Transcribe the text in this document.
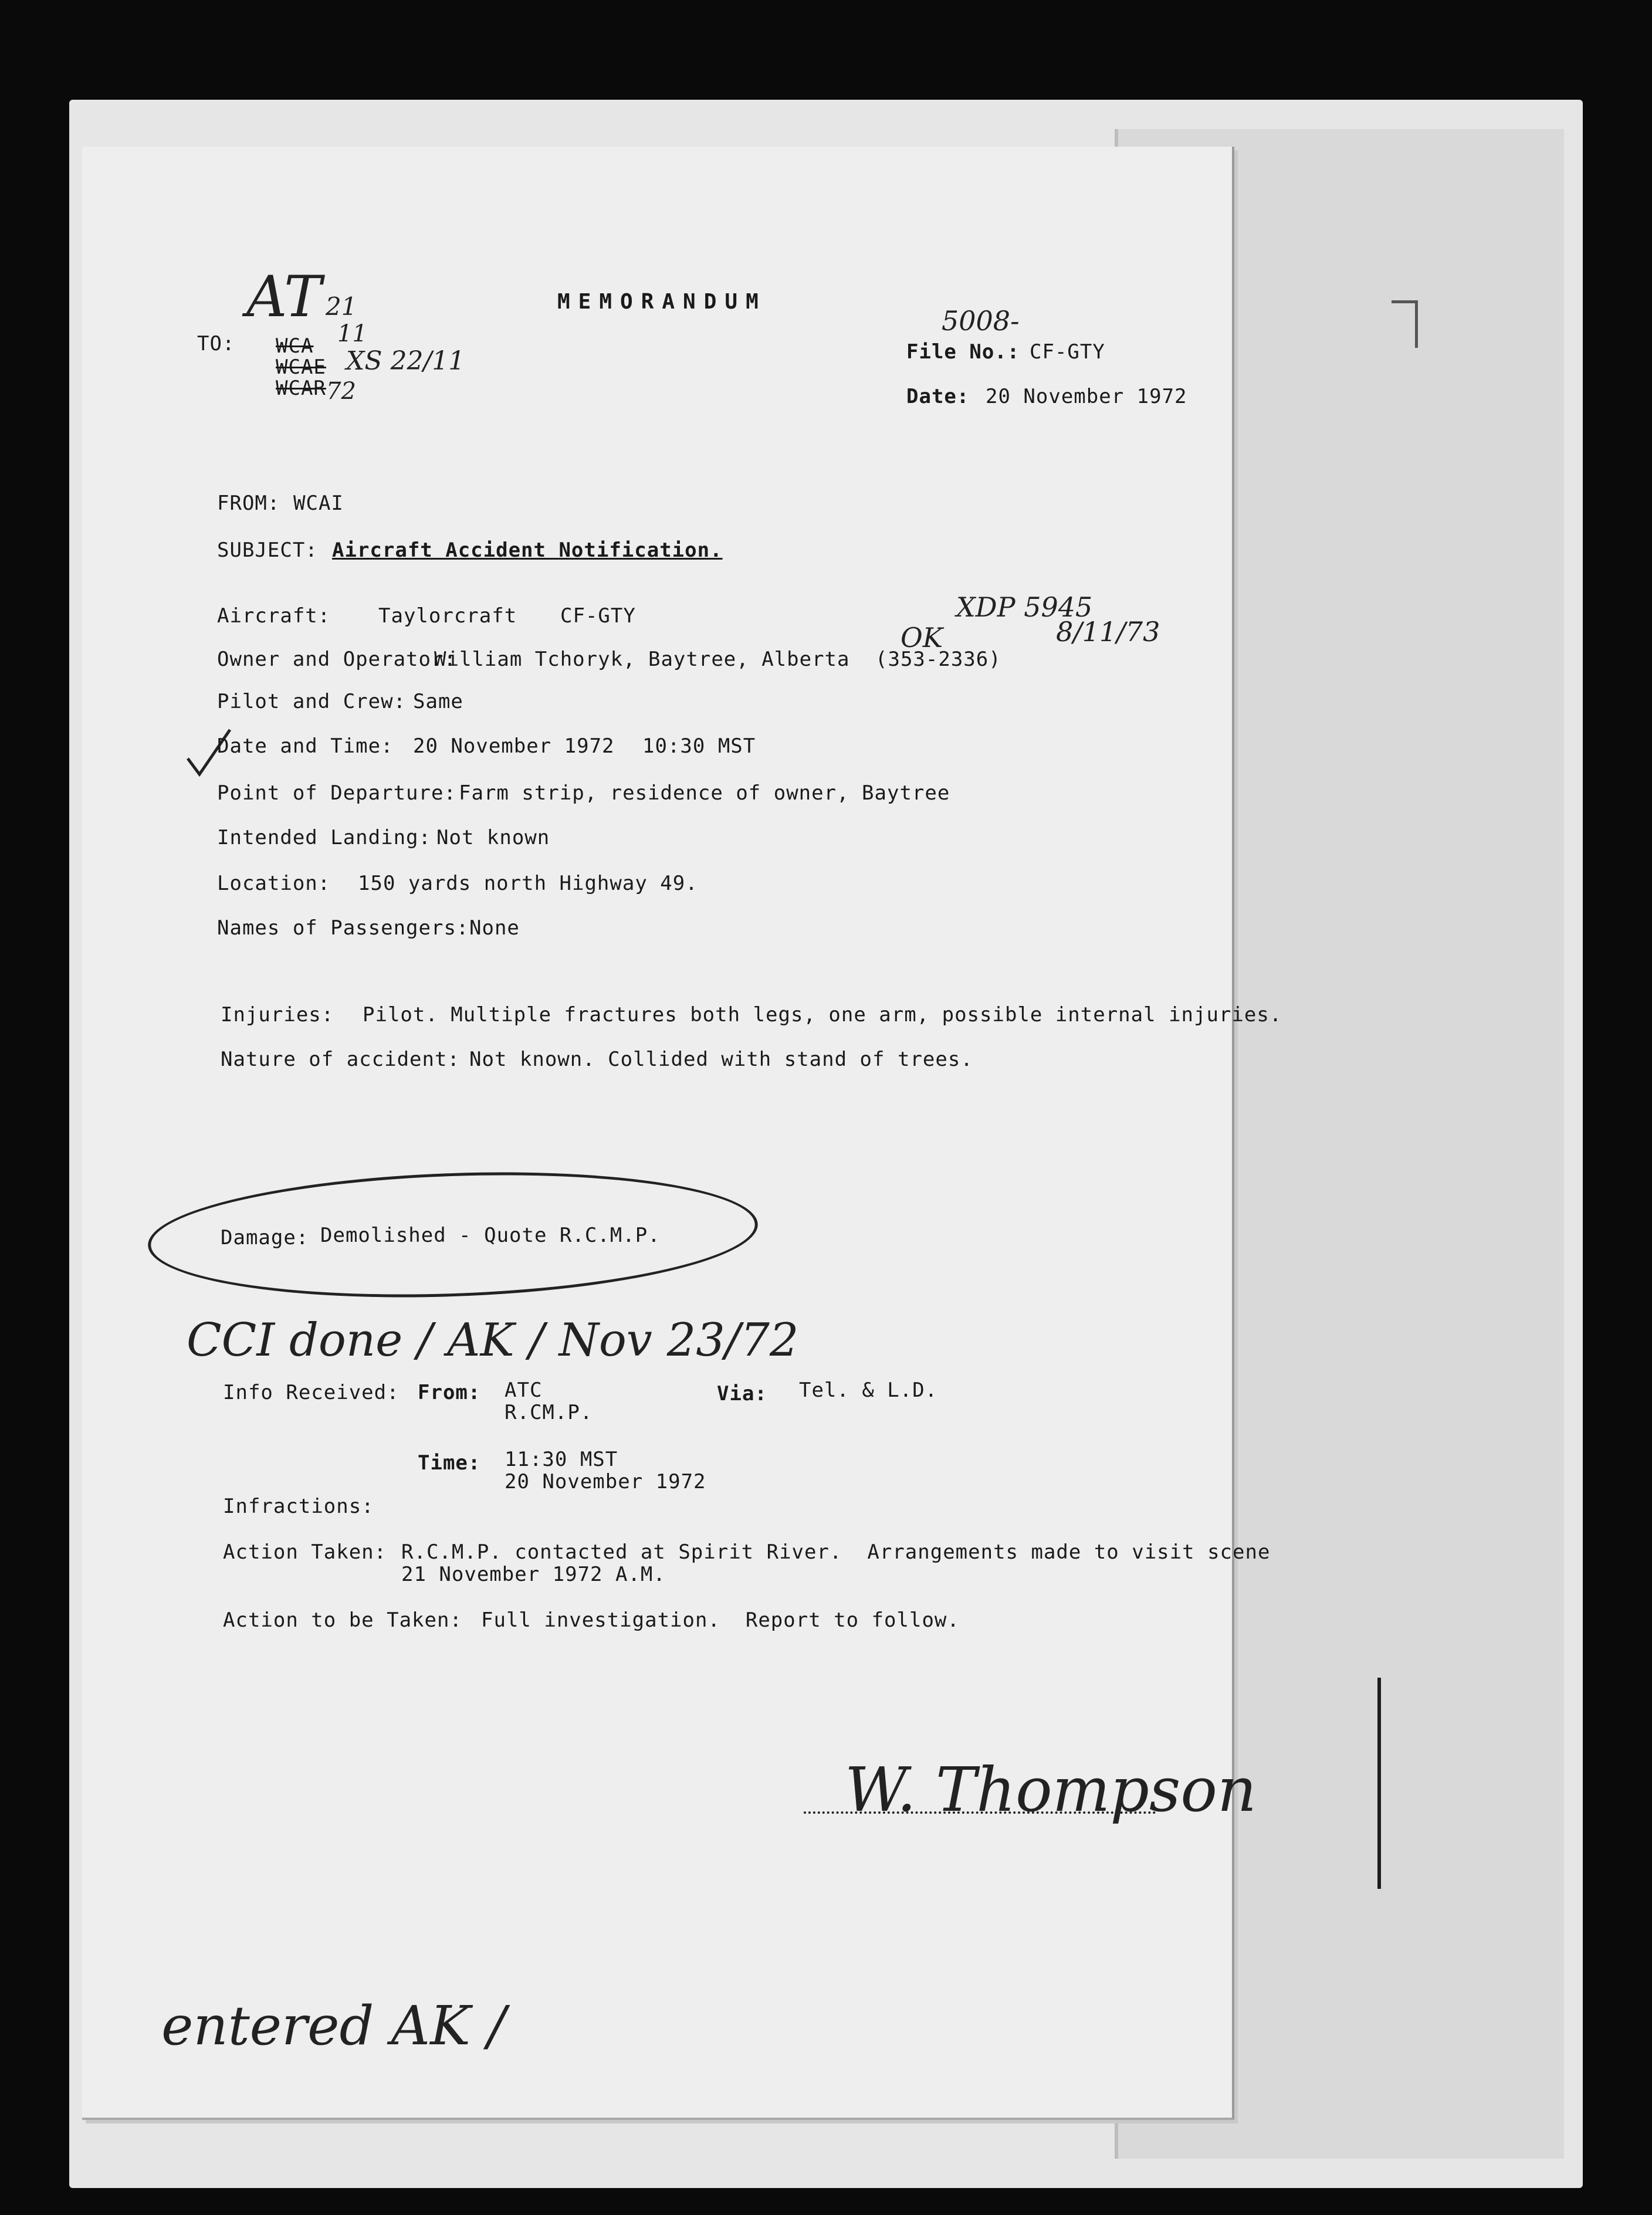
MEMORANDUM
AT 21
11
TO: WCA
WCAE
WCAR
XS 22/11
72
5008-
File No.: CF-GTY
Date: 20 November 1972
FROM: WCAI
SUBJECT: Aircraft Accident Notification.
Aircraft: Taylorcraft CF-GTY
OK
XDP 5945
8/11/73
Owner and Operator:
William Tchoryk, Baytree, Alberta (353-2336)
Pilot and Crew: Same
Date and Time: 20 November 1972 10:30 MST
Point of Departure: Farm strip, residence of owner, Baytree
Intended Landing: Not known
Location: 150 yards north Highway 49.
Names of Passengers: None
Injuries: Pilot. Multiple fractures both legs, one arm, possible internal injuries.
Nature of accident: Not known. Collided with stand of trees.
Damage: Demolished - Quote R.C.M.P.
CCI done / AK / Nov 23/72
Info Received: From: ATC
R.CM.P.
Via: Tel. & L.D.
Time: 11:30 MST
20 November 1972
Infractions:
Action Taken: R.C.M.P. contacted at Spirit River.  Arrangements made to visit scene
21 November 1972 A.M.
Action to be Taken: Full investigation.  Report to follow.
W. Thompson
entered AK /
